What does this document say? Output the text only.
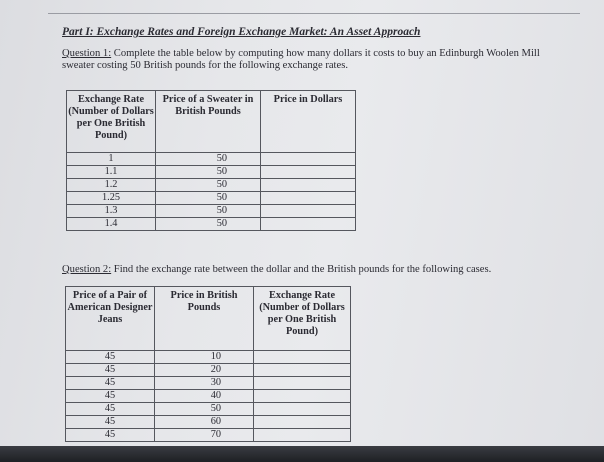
Part I: Exchange Rates and Foreign Exchange Market: An Asset Approach
Question 1: Complete the table below by computing how many dollars it costs to buy an Edinburgh Woolen Mill sweater costing 50 British pounds for the following exchange rates.
Exchange Rate (Number of Dollars per One British Pound)	Price of a Sweater in British Pounds	Price in Dollars
1	50	
1.1	50	
1.2	50	
1.25	50	
1.3	50	
1.4	50	
Question 2: Find the exchange rate between the dollar and the British pounds for the following cases.
Price of a Pair of American Designer Jeans	Price in British Pounds	Exchange Rate (Number of Dollars per One British Pound)
45	10	
45	20	
45	30	
45	40	
45	50	
45	60	
45	70	
